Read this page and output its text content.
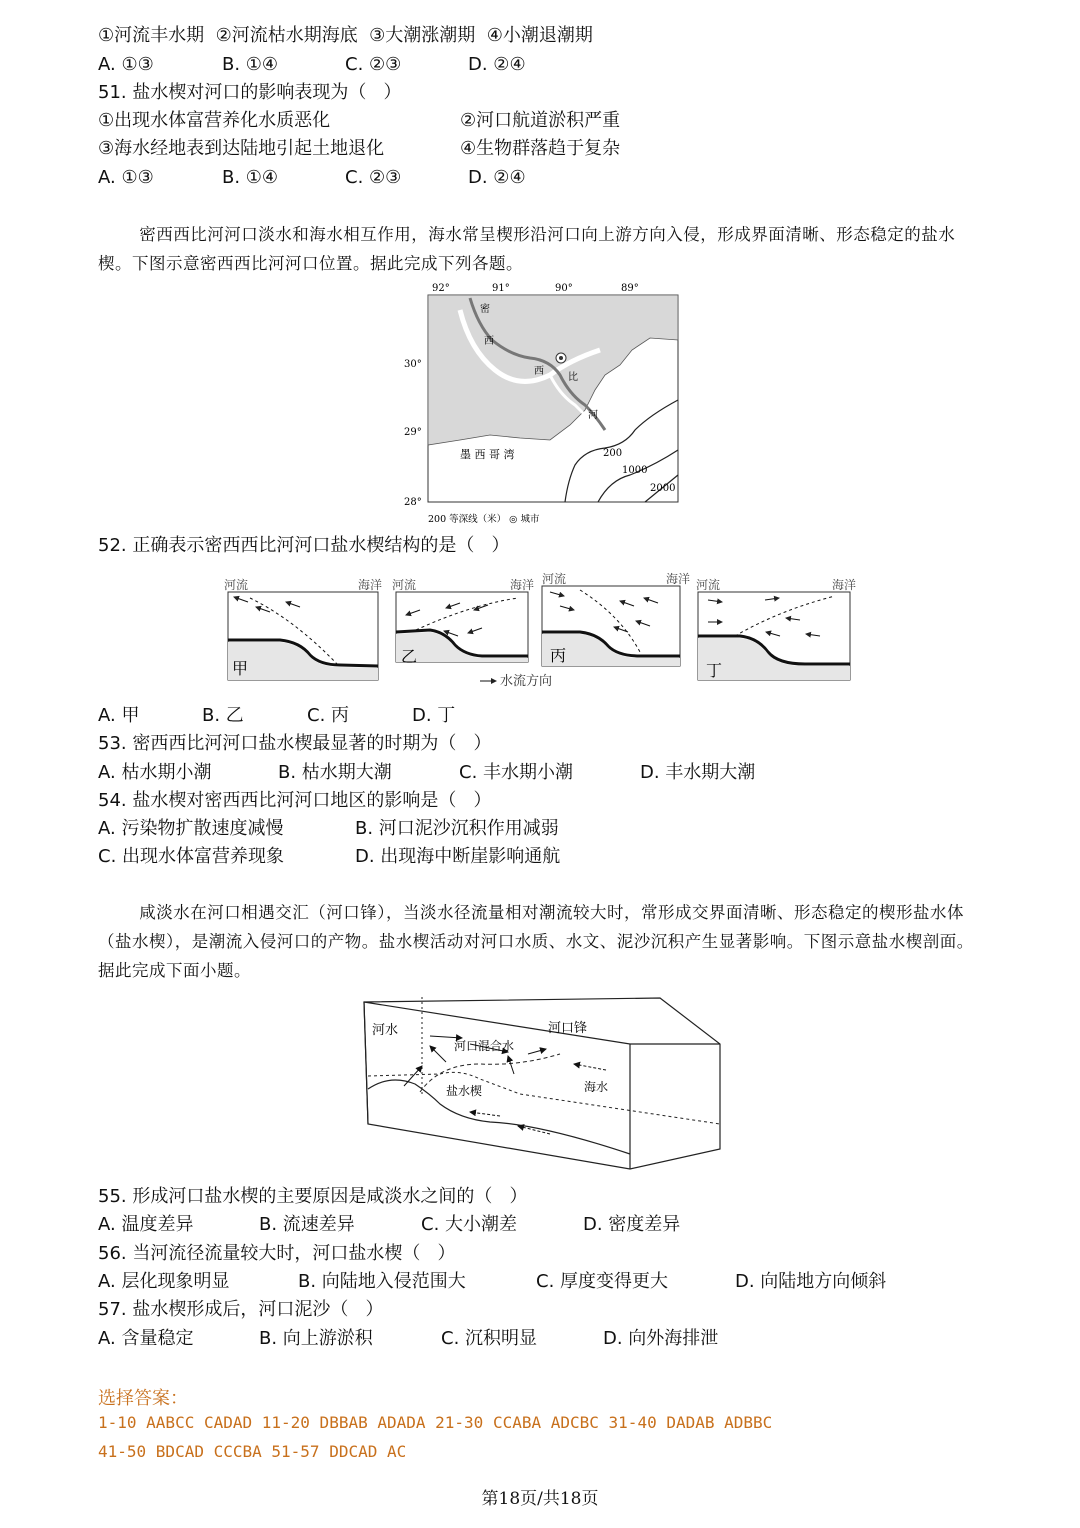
①河流丰水期  ②河流枯水期海底  ③大潮涨潮期  ④小潮退潮期
A. ①③	B. ①④	C. ②③	D. ②④
51. 盐水楔对河口的影响表现为（   ）
①出现水体富营养化水质恶化	②河口航道淤积严重
③海水经地表到达陆地引起土地退化	④生物群落趋于复杂
A. ①③	B. ①④	C. ②③	D. ②④
密西西比河河口淡水和海水相互作用，海水常呈楔形沿河口向上游方向入侵，形成界面清晰、形态稳定的盐水楔。下图示意密西西比河河口位置。据此完成下列各题。
92°	91°	90°	89°
30°
29°
28°
密
西
西
比
河
墨 西 哥 湾	200
1000
2000
200 等深线（米） ◎ 城市
52. 正确表示密西西比河河口盐水楔结构的是（   ）
河流	海洋
甲
河流	海洋
乙
河流	海洋
丙
河流	海洋
丁
水流方向
A. 甲	B. 乙	C. 丙	D. 丁
53. 密西西比河河口盐水楔最显著的时期为（   ）
A. 枯水期小潮	B. 枯水期大潮	C. 丰水期小潮	D. 丰水期大潮
54. 盐水楔对密西西比河河口地区的影响是（   ）
A. 污染物扩散速度减慢	B. 河口泥沙沉积作用减弱
C. 出现水体富营养现象	D. 出现海中断崖影响通航
咸淡水在河口相遇交汇（河口锋），当淡水径流量相对潮流较大时，常形成交界面清晰、形态稳定的楔形盐水体（盐水楔），是潮流入侵河口的产物。盐水楔活动对河口水质、水文、泥沙沉积产生显著影响。下图示意盐水楔剖面。据此完成下面小题。
河水	河口锋
河口混合水
盐水楔	海水
55. 形成河口盐水楔的主要原因是咸淡水之间的（   ）
A. 温度差异	B. 流速差异	C. 大小潮差	D. 密度差异
56. 当河流径流量较大时，河口盐水楔（   ）
A. 层化现象明显	B. 向陆地入侵范围大	C. 厚度变得更大	D. 向陆地方向倾斜
57. 盐水楔形成后，河口泥沙（   ）
A. 含量稳定	B. 向上游淤积	C. 沉积明显	D. 向外海排泄
选择答案：
1-10 AABCC CADAD 11-20 DBBAB ADADA 21-30 CCABA ADCBC 31-40 DADAB ADBBC
41-50 BDCAD CCCBA 51-57 DDCAD AC
第18页/共18页
